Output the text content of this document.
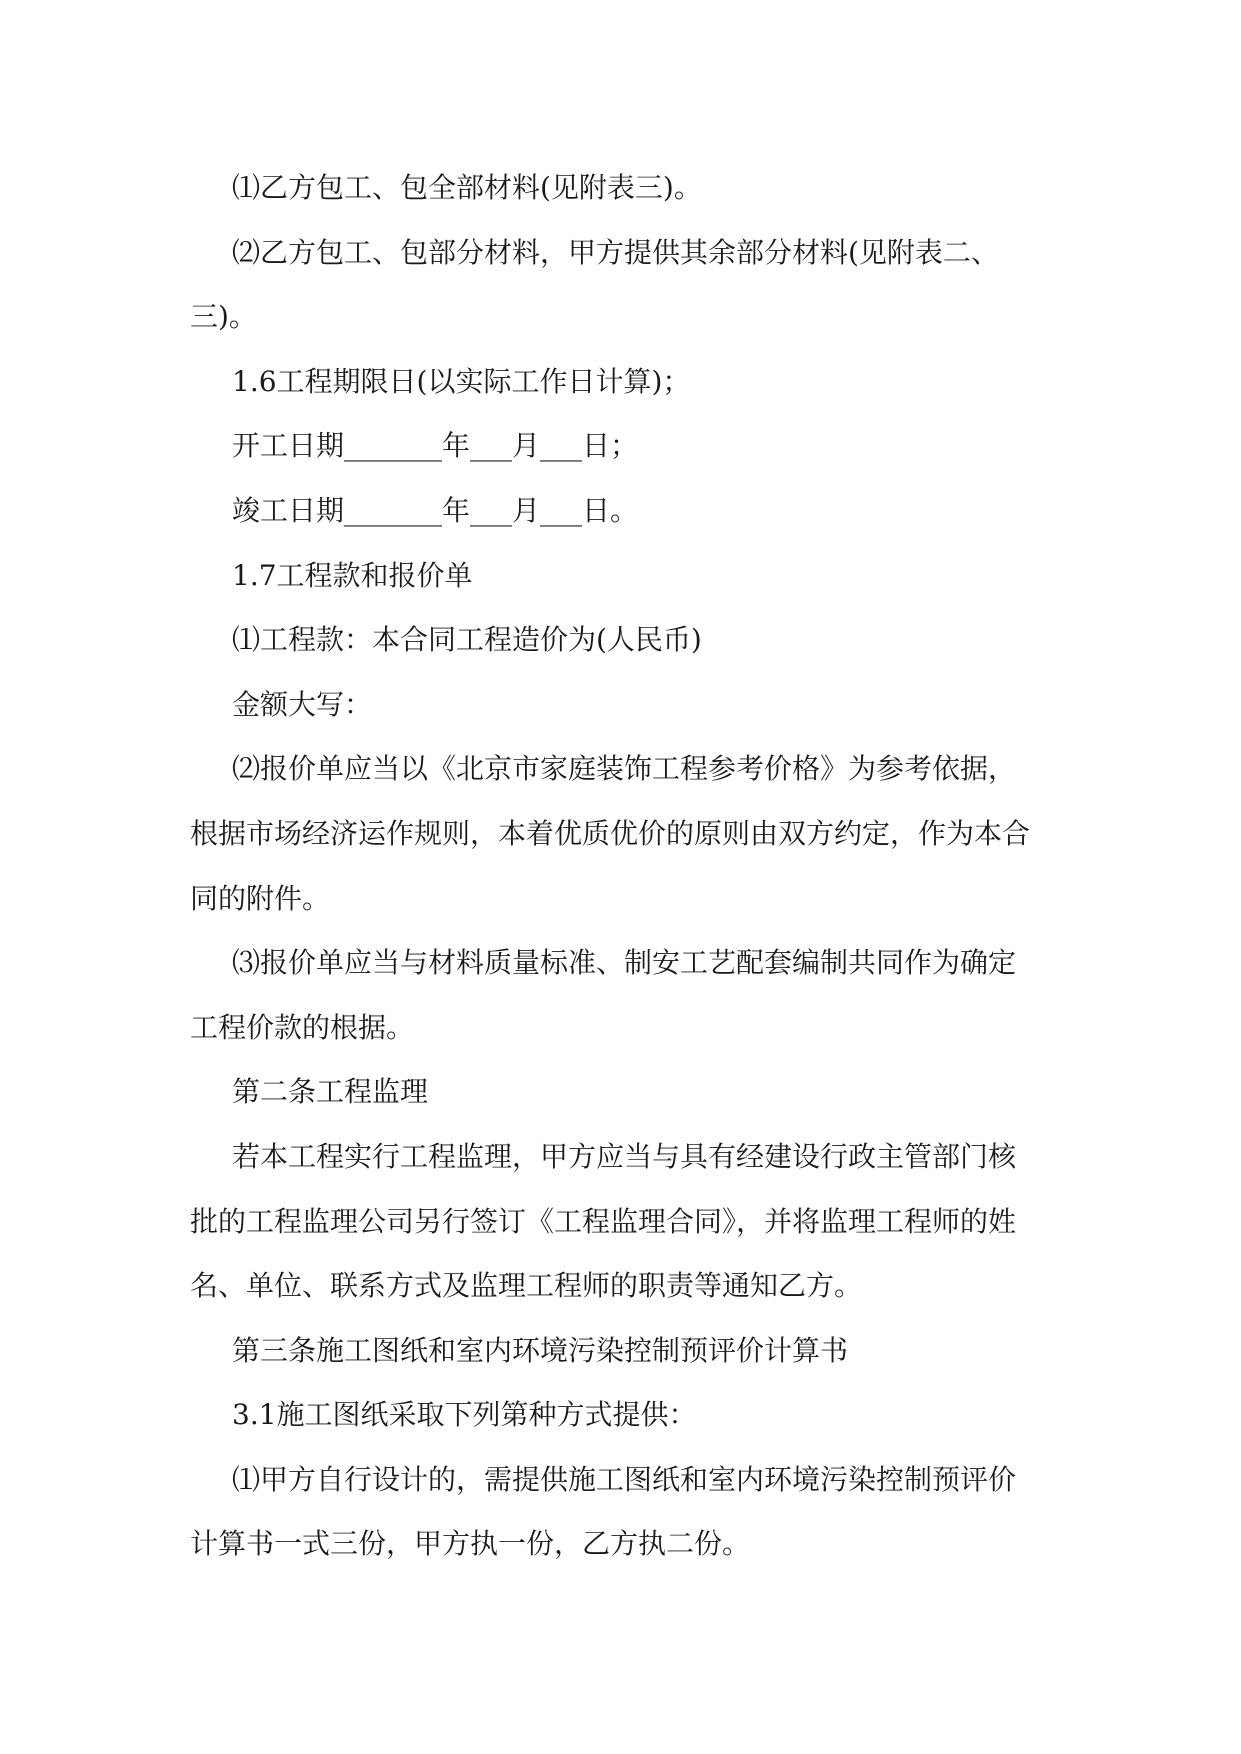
⑴乙方包工、包全部材料(见附表三)。
⑵乙方包工、包部分材料，甲方提供其余部分材料(见附表二、
三)。
1.6工程期限日(以实际工作日计算)；
开工日期_______年___月___日；
竣工日期_______年___月___日。
1.7工程款和报价单
⑴工程款：本合同工程造价为(人民币)
金额大写：
⑵报价单应当以《北京市家庭装饰工程参考价格》为参考依据，
根据市场经济运作规则，本着优质优价的原则由双方约定，作为本合
同的附件。
⑶报价单应当与材料质量标准、制安工艺配套编制共同作为确定
工程价款的根据。
第二条工程监理
若本工程实行工程监理，甲方应当与具有经建设行政主管部门核
批的工程监理公司另行签订《工程监理合同》，并将监理工程师的姓
名、单位、联系方式及监理工程师的职责等通知乙方。
第三条施工图纸和室内环境污染控制预评价计算书
3.1施工图纸采取下列第种方式提供：
⑴甲方自行设计的，需提供施工图纸和室内环境污染控制预评价
计算书一式三份，甲方执一份，乙方执二份。
